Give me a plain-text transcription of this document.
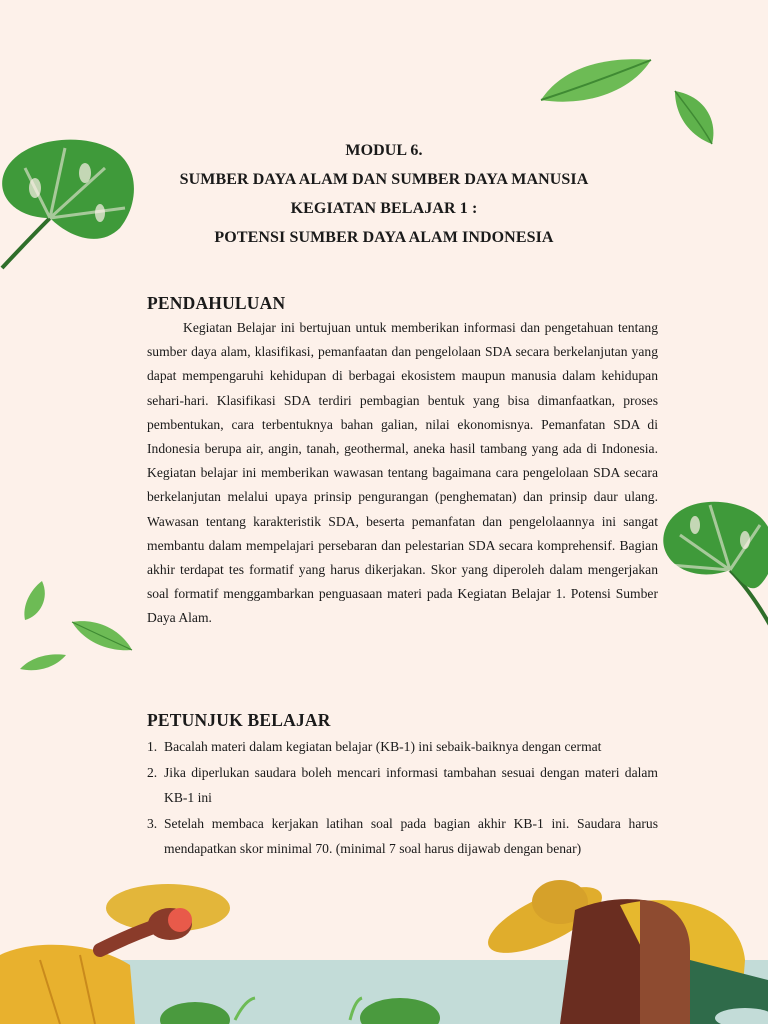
MODUL 6.
SUMBER DAYA ALAM DAN SUMBER DAYA MANUSIA
KEGIATAN BELAJAR 1 :
POTENSI SUMBER DAYA ALAM INDONESIA
PENDAHULUAN

Kegiatan Belajar ini bertujuan untuk memberikan informasi dan pengetahuan tentang sumber daya alam, klasifikasi, pemanfaatan dan pengelolaan SDA secara berkelanjutan yang dapat mempengaruhi kehidupan di berbagai ekosistem maupun manusia dalam kehidupan sehari-hari. Klasifikasi SDA terdiri pembagian bentuk yang bisa dimanfaatkan, proses pembentukan, cara terbentuknya bahan galian, nilai ekonomisnya. Pemanfatan SDA di Indonesia berupa air, angin, tanah, geothermal, aneka hasil tambang yang ada di Indonesia. Kegiatan belajar ini memberikan wawasan tentang bagaimana cara pengelolaan SDA secara berkelanjutan melalui upaya prinsip pengurangan (penghematan) dan prinsip daur ulang. Wawasan tentang karakteristik SDA, beserta pemanfatan dan pengelolaannya ini sangat membantu dalam mempelajari persebaran dan pelestarian SDA secara komprehensif. Bagian akhir terdapat tes formatif yang harus dikerjakan. Skor yang diperoleh dalam mengerjakan soal formatif menggambarkan penguasaan materi pada Kegiatan Belajar 1. Potensi Sumber Daya Alam.

PETUNJUK BELAJAR
1. Bacalah materi dalam kegiatan belajar (KB-1) ini sebaik-baiknya dengan cermat
2. Jika diperlukan saudara boleh mencari informasi tambahan sesuai dengan materi dalam KB-1 ini
3. Setelah membaca kerjakan latihan soal pada bagian akhir KB-1 ini. Saudara harus mendapatkan skor minimal 70. (minimal 7 soal harus dijawab dengan benar)
